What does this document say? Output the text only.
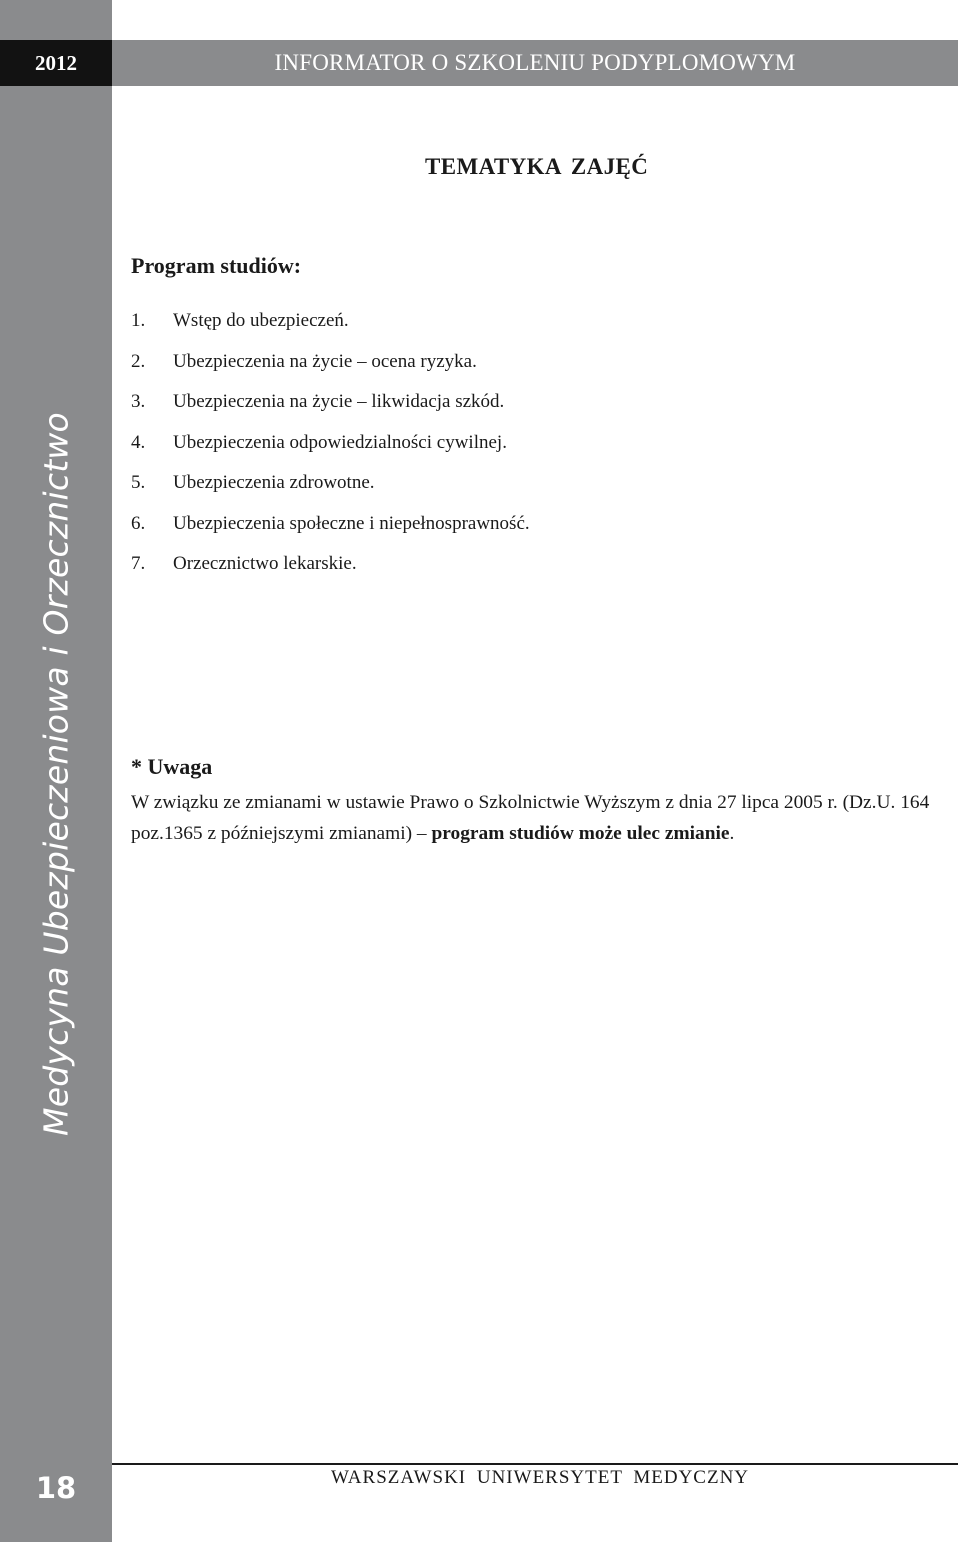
2012	INFORMATOR O SZKOLENIU PODYPLOMOWYM
Medycyna Ubezpieczeniowa i Orzecznictwo
18
TEMATYKA ZAJĘĆ
Program studiów:
1. Wstęp do ubezpieczeń.
2. Ubezpieczenia na życie – ocena ryzyka.
3. Ubezpieczenia na życie – likwidacja szkód.
4. Ubezpieczenia odpowiedzialności cywilnej.
5. Ubezpieczenia zdrowotne.
6. Ubezpieczenia społeczne i niepełnosprawność.
7. Orzecznictwo lekarskie.
* Uwaga

W związku ze zmianami w ustawie Prawo o Szkolnictwie Wyższym z dnia 27 lipca 2005 r. (Dz.U. 164 poz.1365 z późniejszymi zmianami) – program studiów może ulec zmianie.

WARSZAWSKI UNIWERSYTET MEDYCZNY
